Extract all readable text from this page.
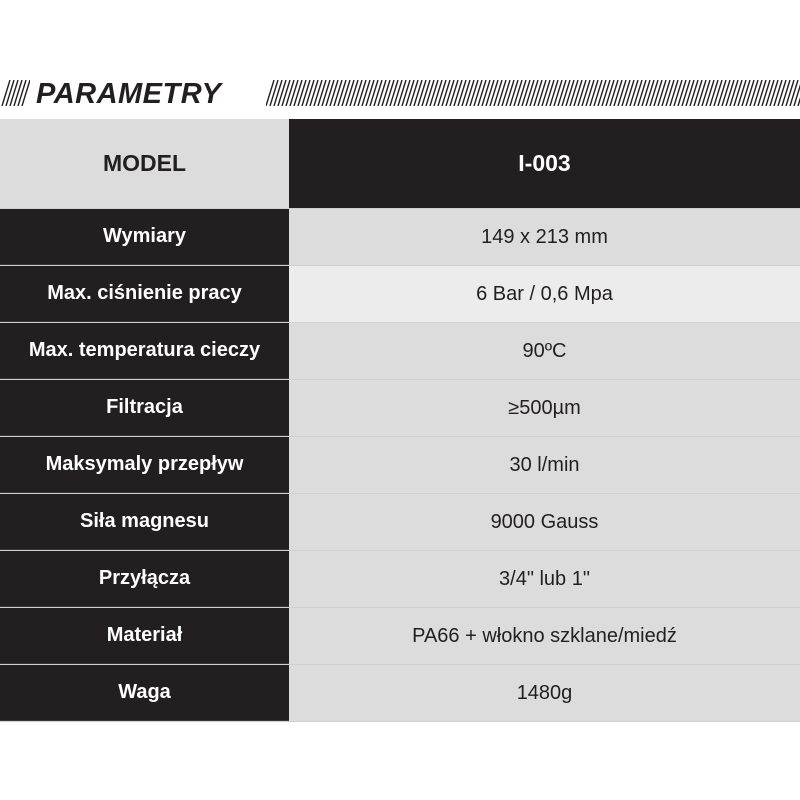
PARAMETRY
MODEL	I-003
Wymiary	149 x 213 mm
Max. ciśnienie pracy	6 Bar / 0,6 Mpa
Max. temperatura cieczy	90ºC
Filtracja	≥500µm
Maksymaly przepływ	30 l/min
Siła magnesu	9000 Gauss
Przyłącza	3/4" lub 1"
Materiał	PA66 + włokno szklane/miedź
Waga	1480g
